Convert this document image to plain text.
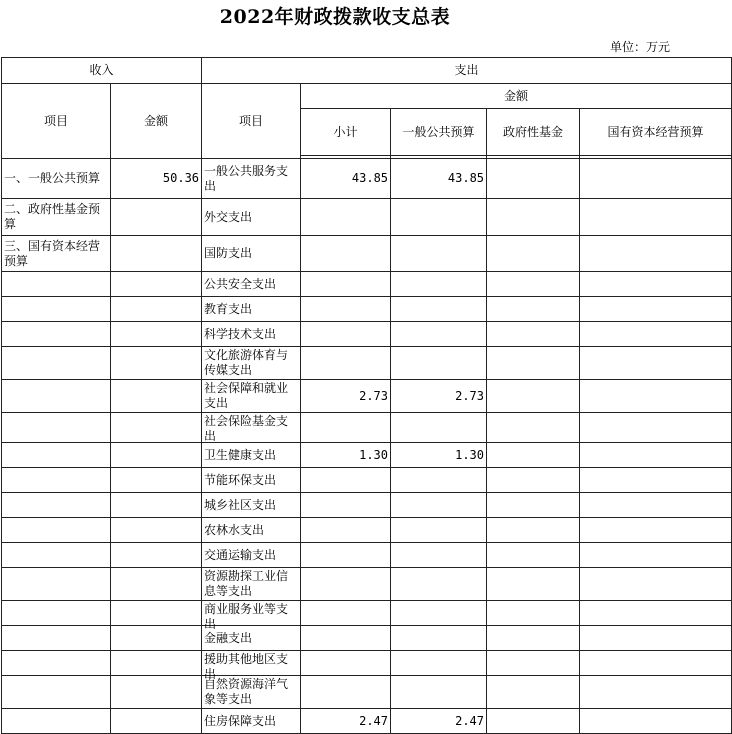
2022年财政拨款收支总表
单位：万元
收入		支出				
项目	金额	项目	金额			
			小计	一般公共预算	政府性基金	国有资本经营预算

一、一般公共预算	50.36	一般公共服务支出	43.85	43.85		
二、政府性基金预算		外交支出				

三、国有资本经营预算		国防支出				

		公共安全支出				

		教育支出				

		科学技术支出				

		文化旅游体育与传媒支出				

		社会保障和就业支出	2.73	2.73		

		社会保险基金支出				

		卫生健康支出	1.30	1.30		

		节能环保支出				

		城乡社区支出				

		农林水支出				

		交通运输支出				

		资源勘探工业信息等支出				

		商业服务业等支出				

		金融支出				

		援助其他地区支出				

		自然资源海洋气象等支出				

		住房保障支出	2.47	2.47		
